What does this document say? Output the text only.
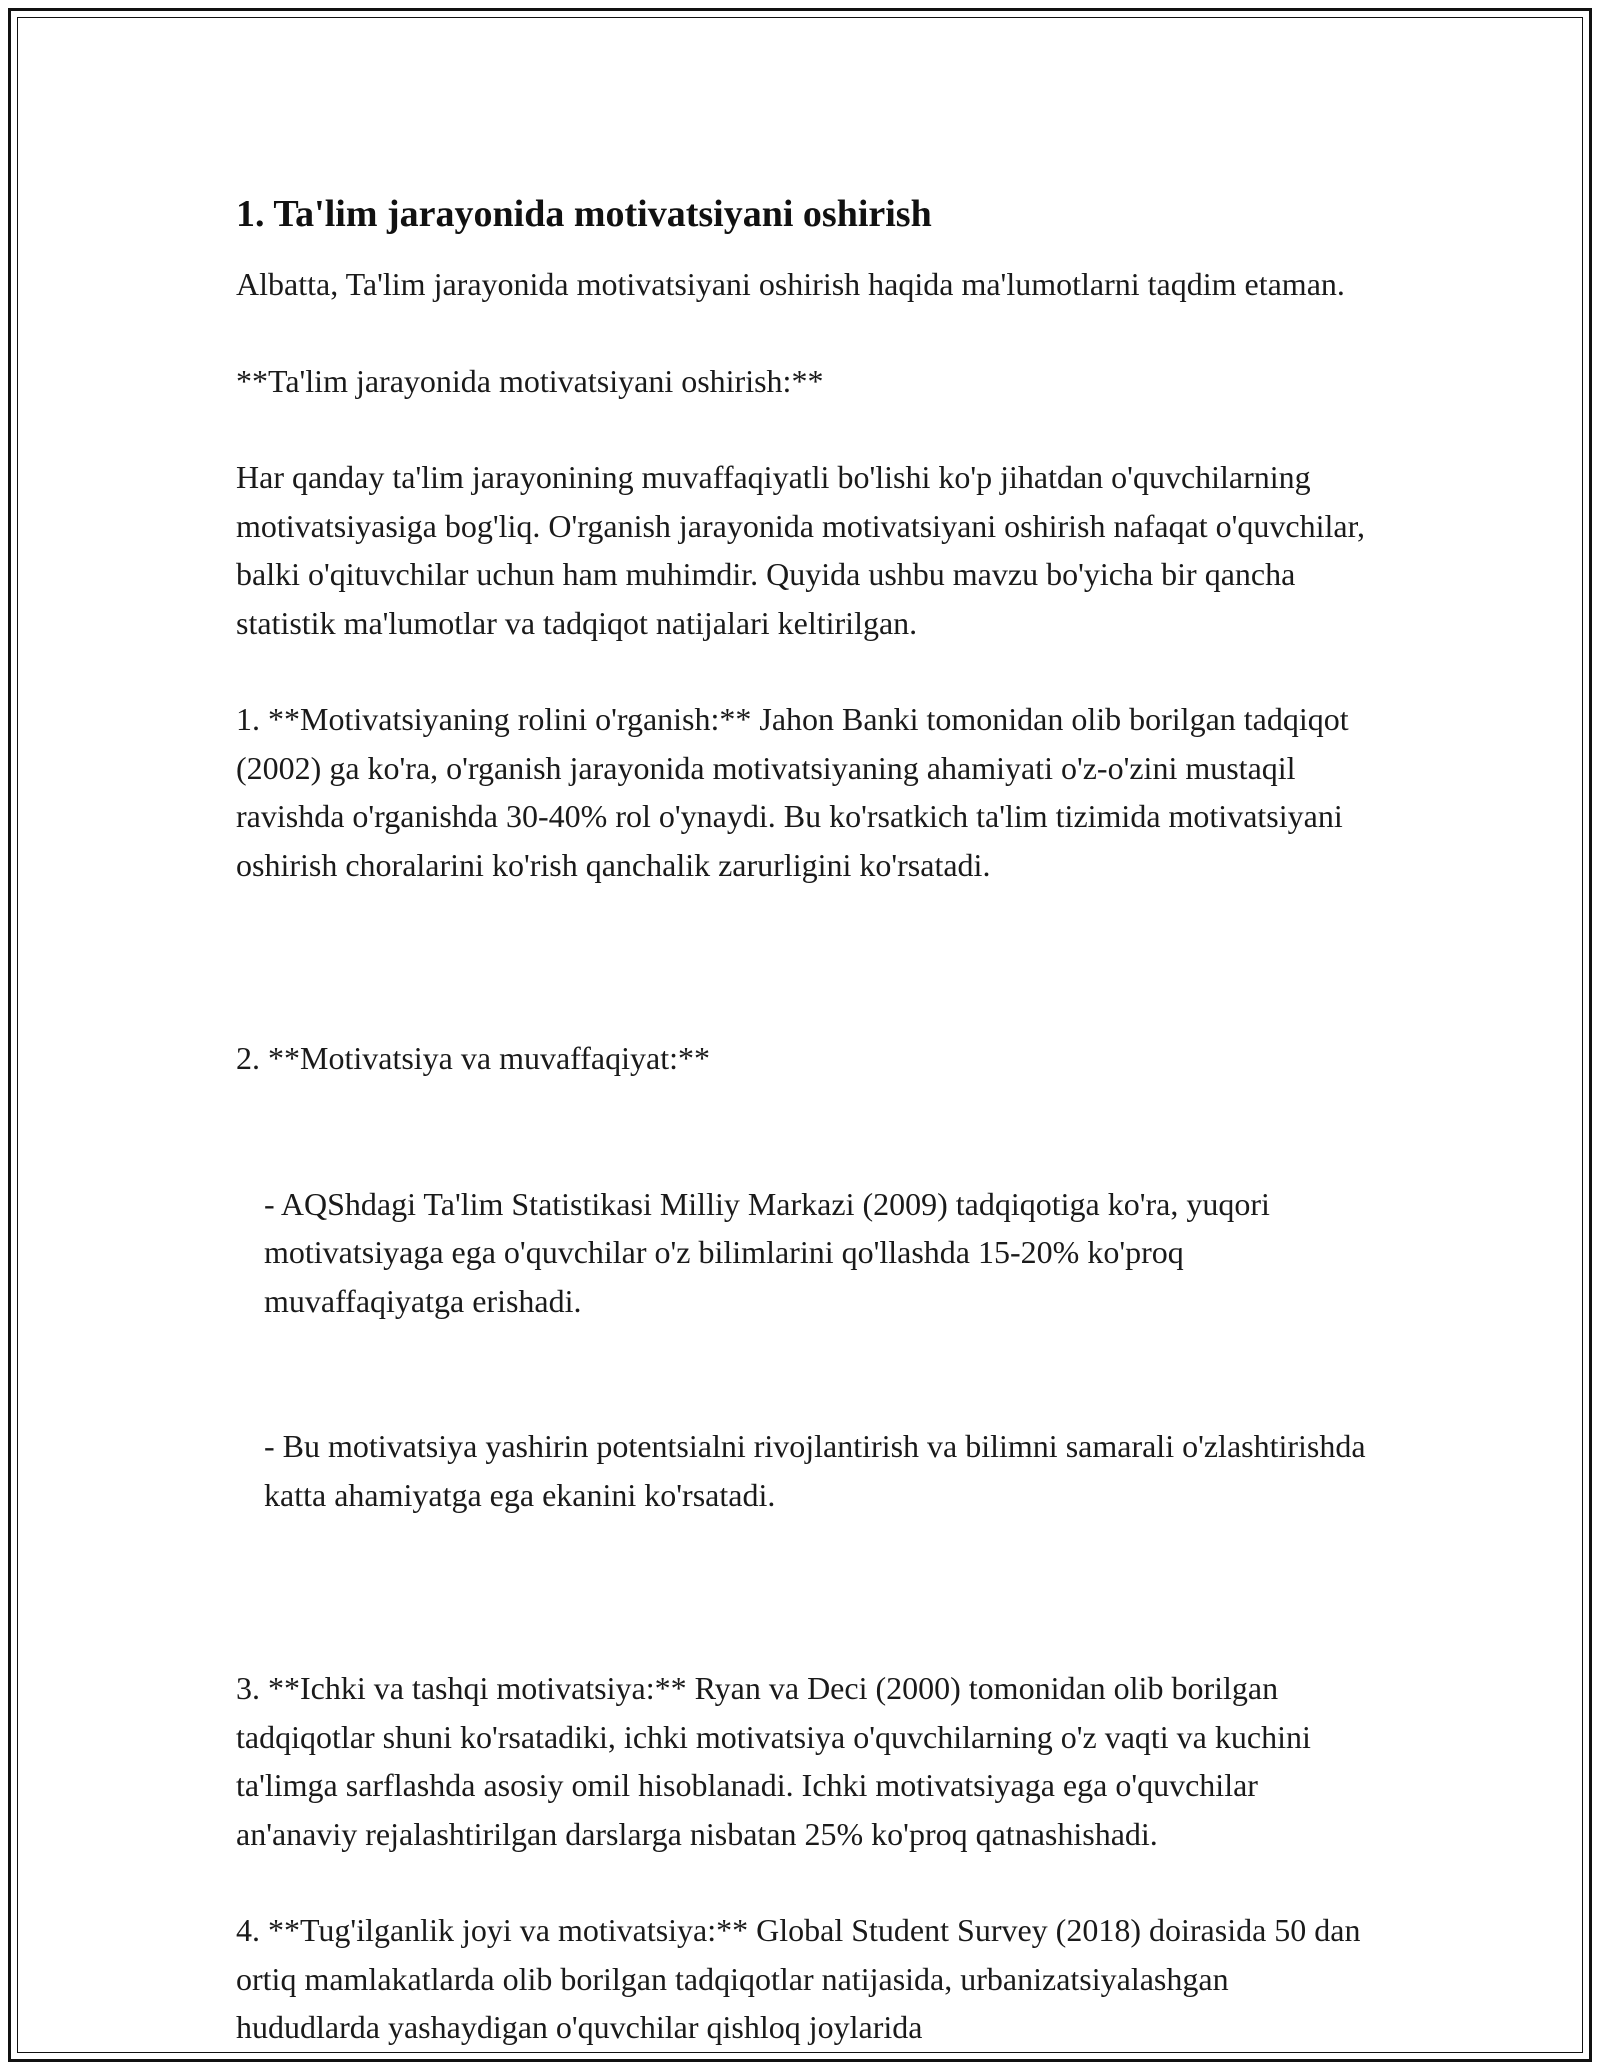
1. Ta'lim jarayonida motivatsiyani oshirish

Albatta, Ta'lim jarayonida motivatsiyani oshirish haqida ma'lumotlarni taqdim etaman.

**Ta'lim jarayonida motivatsiyani oshirish:**

Har qanday ta'lim jarayonining muvaffaqiyatli bo'lishi ko'p jihatdan o'quvchilarning motivatsiyasiga bog'liq. O'rganish jarayonida motivatsiyani oshirish nafaqat o'quvchilar, balki o'qituvchilar uchun ham muhimdir. Quyida ushbu mavzu bo'yicha bir qancha statistik ma'lumotlar va tadqiqot natijalari keltirilgan.

1. **Motivatsiyaning rolini o'rganish:** Jahon Banki tomonidan olib borilgan tadqiqot (2002) ga ko'ra, o'rganish jarayonida motivatsiyaning ahamiyati o'z-o'zini mustaqil ravishda o'rganishda 30-40% rol o'ynaydi. Bu ko'rsatkich ta'lim tizimida motivatsiyani oshirish choralarini ko'rish qanchalik zarurligini ko'rsatadi.

2. **Motivatsiya va muvaffaqiyat:**

- AQShdagi Ta'lim Statistikasi Milliy Markazi (2009) tadqiqotiga ko'ra, yuqori motivatsiyaga ega o'quvchilar o'z bilimlarini qo'llashda 15-20% ko'proq muvaffaqiyatga erishadi.

- Bu motivatsiya yashirin potentsialni rivojlantirish va bilimni samarali o'zlashtirishda katta ahamiyatga ega ekanini ko'rsatadi.

3. **Ichki va tashqi motivatsiya:** Ryan va Deci (2000) tomonidan olib borilgan tadqiqotlar shuni ko'rsatadiki, ichki motivatsiya o'quvchilarning o'z vaqti va kuchini ta'limga sarflashda asosiy omil hisoblanadi. Ichki motivatsiyaga ega o'quvchilar an'anaviy rejalashtirilgan darslarga nisbatan 25% ko'proq qatnashishadi.

4. **Tug'ilganlik joyi va motivatsiya:** Global Student Survey (2018) doirasida 50 dan ortiq mamlakatlarda olib borilgan tadqiqotlar natijasida, urbanizatsiyalashgan hududlarda yashaydigan o'quvchilar qishloq joylarida
